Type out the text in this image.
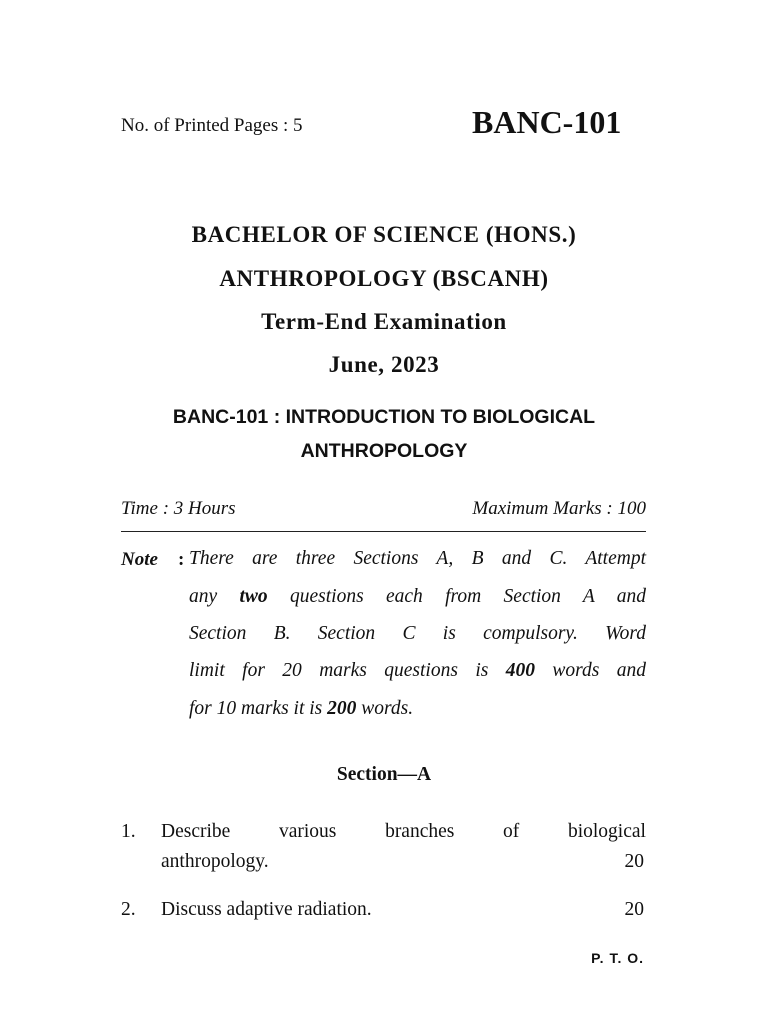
No. of Printed Pages : 5	BANC-101
BACHELOR OF SCIENCE (HONS.)
ANTHROPOLOGY (BSCANH)
Term-End Examination
June, 2023
BANC-101 : INTRODUCTION TO BIOLOGICAL
ANTHROPOLOGY
Time : 3 Hours	Maximum Marks : 100
Note : There are three Sections A, B and C. Attempt
any two questions each from Section A and
Section B. Section C is compulsory. Word
limit for 20 marks questions is 400 words and
for 10 marks it is 200 words.
Section—A
1. Describe various branches of biological
anthropology.	20
2. Discuss adaptive radiation.	20
P. T. O.
